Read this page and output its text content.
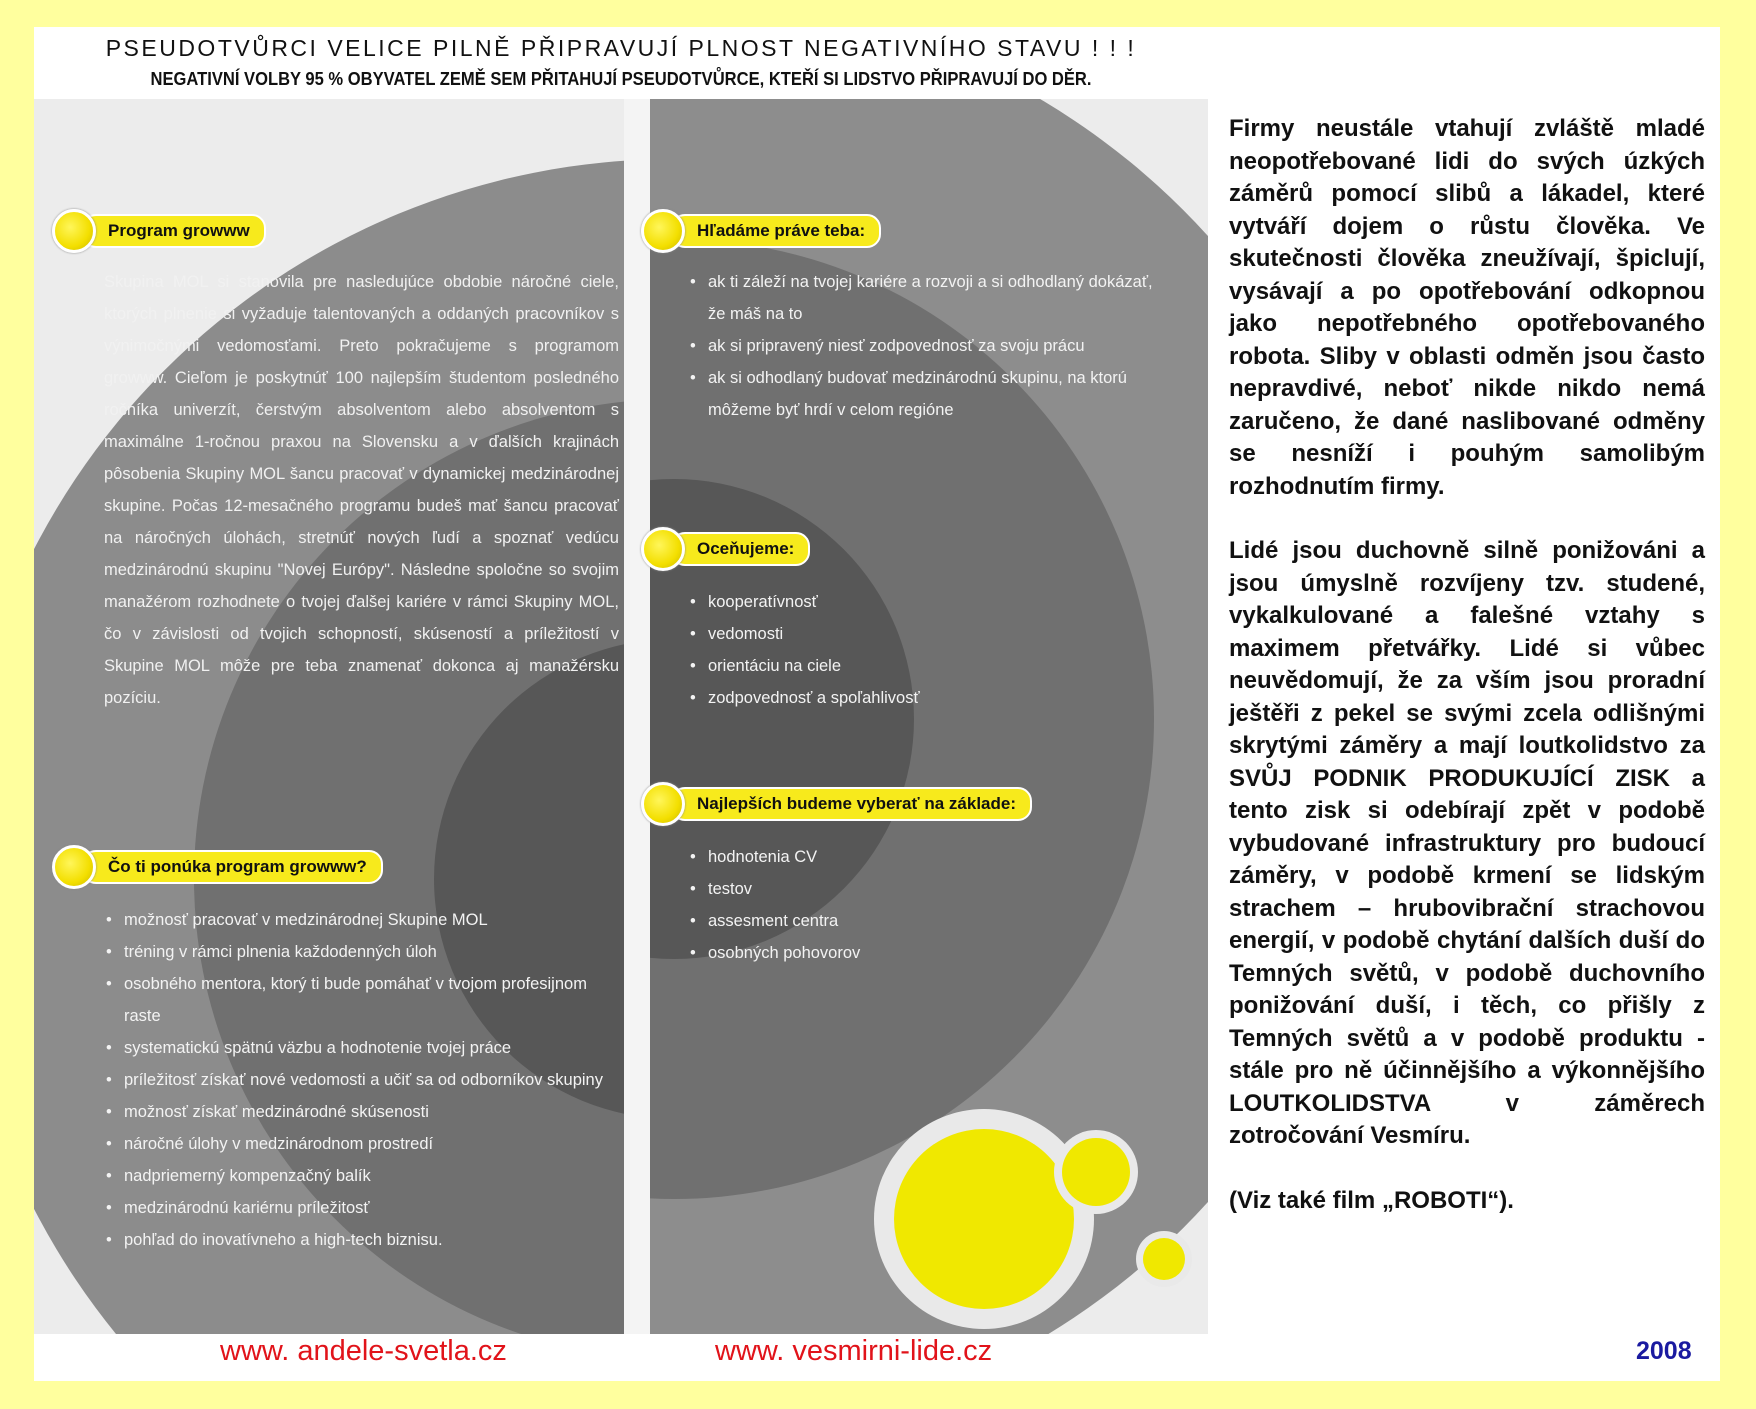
PSEUDOTVŮRCI VELICE PILNĚ PŘIPRAVUJÍ PLNOST NEGATIVNÍHO STAVU ! ! !
NEGATIVNÍ VOLBY 95 % OBYVATEL ZEMĚ SEM PŘITAHUJÍ PSEUDOTVŮRCE, KTEŘÍ SI LIDSTVO PŘIPRAVUJÍ DO DĚR.
Program growww
Skupina MOL si stanovila pre nasledujúce obdobie náročné ciele, ktorých plnenie si vyžaduje talentovaných a oddaných pracovníkov s výnimočnými vedomosťami. Preto pokračujeme s programom growww. Cieľom je poskytnúť 100 najlepším študentom posledného ročníka univerzít, čerstvým absolventom alebo absolventom s maximálne 1-ročnou praxou na Slovensku a v ďalších krajinách pôsobenia Skupiny MOL šancu pracovať v dynamickej medzinárodnej skupine. Počas 12-mesačného programu budeš mať šancu pracovať na náročných úlohách, stretnúť nových ľudí a spoznať vedúcu medzinárodnú skupinu "Novej Európy". Následne spoločne so svojim manažérom rozhodnete o tvojej ďalšej kariére v rámci Skupiny MOL, čo v závislosti od tvojich schopností, skúseností a príležitostí v Skupine MOL môže pre teba znamenať dokonca aj manažérsku pozíciu.
Čo ti ponúka program growww?
• možnosť pracovať v medzinárodnej Skupine MOL
• tréning v rámci plnenia každodenných úloh
• osobného mentora, ktorý ti bude pomáhať v tvojom profesijnom raste
• systematickú spätnú väzbu a hodnotenie tvojej práce
• príležitosť získať nové vedomosti a učiť sa od odborníkov skupiny
• možnosť získať medzinárodné skúsenosti
• náročné úlohy v medzinárodnom prostredí
• nadpriemerný kompenzačný balík
• medzinárodnú kariérnu príležitosť
• pohľad do inovatívneho a high-tech biznisu.
Hľadáme práve teba:
• ak ti záleží na tvojej kariére a rozvoji a si odhodlaný dokázať, že máš na to
• ak si pripravený niesť zodpovednosť za svoju prácu
• ak si odhodlaný budovať medzinárodnú skupinu, na ktorú môžeme byť hrdí v celom regióne
Oceňujeme:
• kooperatívnosť
• vedomosti
• orientáciu na ciele
• zodpovednosť a spoľahlivosť
Najlepších budeme vyberať na základe:
• hodnotenia CV
• testov
• assesment centra
• osobných pohovorov

Firmy neustále vtahují zvláště mladé neopotřebované lidi do svých úzkých záměrů pomocí slibů a lákadel, které vytváří dojem o růstu člověka. Ve skutečnosti člověka zneužívají, špiclují, vysávají a po opotřebování odkopnou jako nepotřebného opotřebovaného robota. Sliby v oblasti odměn jsou často nepravdivé, neboť nikde nikdo nemá zaručeno, že dané naslibované odměny se nesníží i pouhým samolibým rozhodnutím firmy.

Lidé jsou duchovně silně ponižováni a jsou úmyslně rozvíjeny tzv. studené, vykalkulované a falešné vztahy s maximem přetvářky. Lidé si vůbec neuvědomují, že za vším jsou proradní ještěři z pekel se svými zcela odlišnými skrytými záměry a mají loutkolidstvo za SVŮJ PODNIK PRODUKUJÍCÍ ZISK a tento zisk si odebírají zpět v podobě vybudované infrastruktury pro budoucí záměry, v podobě krmení se lidským strachem – hrubovibrační strachovou energií, v podobě chytání dalších duší do Temných světů, v podobě duchovního ponižování duší, i těch, co přišly z Temných světů a v podobě produktu - stále pro ně účinnějšího a výkonnějšího LOUTKOLIDSTVA v záměrech zotročování Vesmíru.

(Viz také film „ROBOTI“).

www. andele-svetla.cz	www. vesmirni-lide.cz	2008
